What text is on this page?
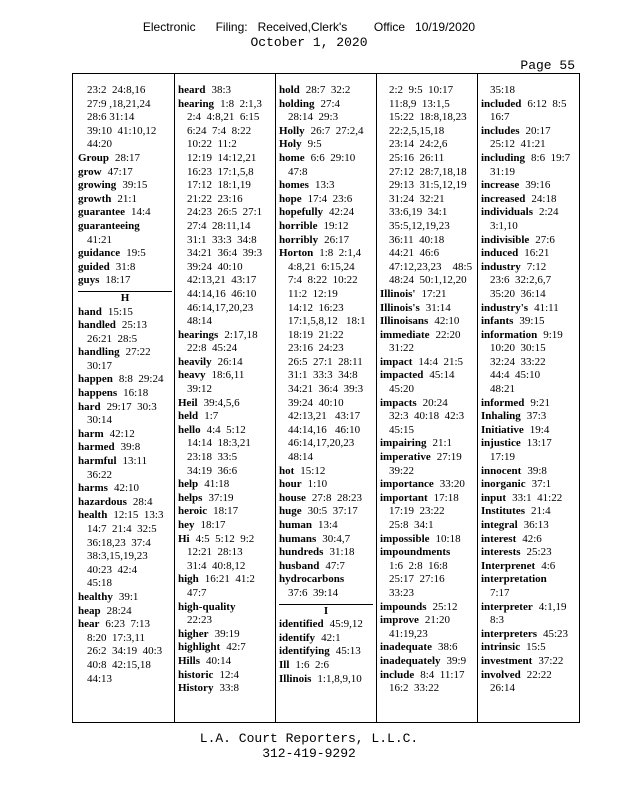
Electronic      Filing:   Received,Clerk's        Office   10/19/2020
October 1, 2020
Page 55
23:2  24:8,16
27:9 ,18,21,24
28:6 31:14
39:10  41:10,12
44:20
Group 28:17
grow 47:17
growing 39:15
growth 21:1
guarantee 14:4
guaranteeing
41:21
guidance 19:5
guided 31:8
guys 18:17
H
hand 15:15
handled 25:13
26:21  28:5
handling 27:22
30:17
happen 8:8  29:24
happens 16:18
hard 29:17  30:3
30:14
harm 42:12
harmed 39:8
harmful 13:11
36:22
harms 42:10
hazardous 28:4
health 12:15  13:3
14:7  21:4  32:5
36:18,23  37:4
38:3,15,19,23
40:23  42:4
45:18
healthy 39:1
heap 28:24
hear 6:23  7:13
8:20  17:3,11
26:2  34:19  40:3
40:8  42:15,18
44:13
heard 38:3
hearing 1:8  2:1,3
2:4  4:8,21  6:15
6:24  7:4  8:22
10:22  11:2
12:19  14:12,21
16:23  17:1,5,8
17:12  18:1,19
21:22  23:16
24:23  26:5  27:1
27:4  28:11,14
31:1  33:3  34:8
34:21  36:4  39:3
39:24  40:10
42:13,21  43:17
44:14,16  46:10
46:14,17,20,23
48:14
hearings 2:17,18
22:8  45:24
heavily 26:14
heavy 18:6,11
39:12
Heil 39:4,5,6
held 1:7
hello 4:4  5:12
14:14  18:3,21
23:18  33:5
34:19  36:6
help 41:18
helps 37:19
heroic 18:17
hey 18:17
Hi 4:5  5:12  9:2
12:21  28:13
31:4  40:8,12
high 16:21  41:2
47:7
high-quality
22:23
higher 39:19
highlight 42:7
Hills 40:14
historic 12:4
History 33:8
hold 28:7  32:2
holding 27:4
28:14  29:3
Holly 26:7  27:2,4
Holy 9:5
home 6:6  29:10
47:8
homes 13:3
hope 17:4  23:6
hopefully 42:24
horrible 19:12
horribly 26:17
Horton 1:8  2:1,4
4:8,21  6:15,24
7:4  8:22  10:22
11:2  12:19
14:12  16:23
17:1,5,8,12   18:1
18:19  21:22
23:16  24:23
26:5  27:1  28:11
31:1  33:3  34:8
34:21  36:4  39:3
39:24  40:10
42:13,21   43:17
44:14,16   46:10
46:14,17,20,23
48:14
hot 15:12
hour 1:10
house 27:8  28:23
huge 30:5  37:17
human 13:4
humans 30:4,7
hundreds 31:18
husband 47:7
hydrocarbons
37:6  39:14
I
identified 45:9,12
identify 42:1
identifying 45:13
Ill 1:6  2:6
Illinois 1:1,8,9,10
2:2  9:5  10:17
11:8,9  13:1,5
15:22  18:8,18,23
22:2,5,15,18
23:14  24:2,6
25:16  26:11
27:12  28:7,18,18
29:13  31:5,12,19
31:24  32:21
33:6,19  34:1
35:5,12,19,23
36:11  40:18
44:21  46:6
47:12,23,23    48:5
48:24  50:1,12,20
Illinois' 17:21
Illinois's 31:14
Illinoisans 42:10
immediate 22:20
31:22
impact 14:4  21:5
impacted 45:14
45:20
impacts 20:24
32:3  40:18  42:3
45:15
impairing 21:1
imperative 27:19
39:22
importance 33:20
important 17:18
17:19  23:22
25:8  34:1
impossible 10:18
impoundments
1:6  2:8  16:8
25:17  27:16
33:23
impounds 25:12
improve 21:20
41:19,23
inadequate 38:6
inadequately 39:9
include 8:4  11:17
16:2  33:22
35:18
included 6:12  8:5
16:7
includes 20:17
25:12  41:21
including 8:6  19:7
31:19
increase 39:16
increased 24:18
individuals 2:24
3:1,10
indivisible 27:6
induced 16:21
industry 7:12
23:6  32:2,6,7
35:20  36:14
industry's 41:11
infants 39:15
information 9:19
10:20  30:15
32:24  33:22
44:4  45:10
48:21
informed 9:21
Inhaling 37:3
Initiative 19:4
injustice 13:17
17:19
innocent 39:8
inorganic 37:1
input 33:1  41:22
Institutes 21:4
integral 36:13
interest 42:6
interests 25:23
Interprenet 4:6
interpretation
7:17
interpreter 4:1,19
8:3
interpreters 45:23
intrinsic 15:5
investment 37:22
involved 22:22
26:14
L.A. Court Reporters, L.L.C.
312-419-9292
